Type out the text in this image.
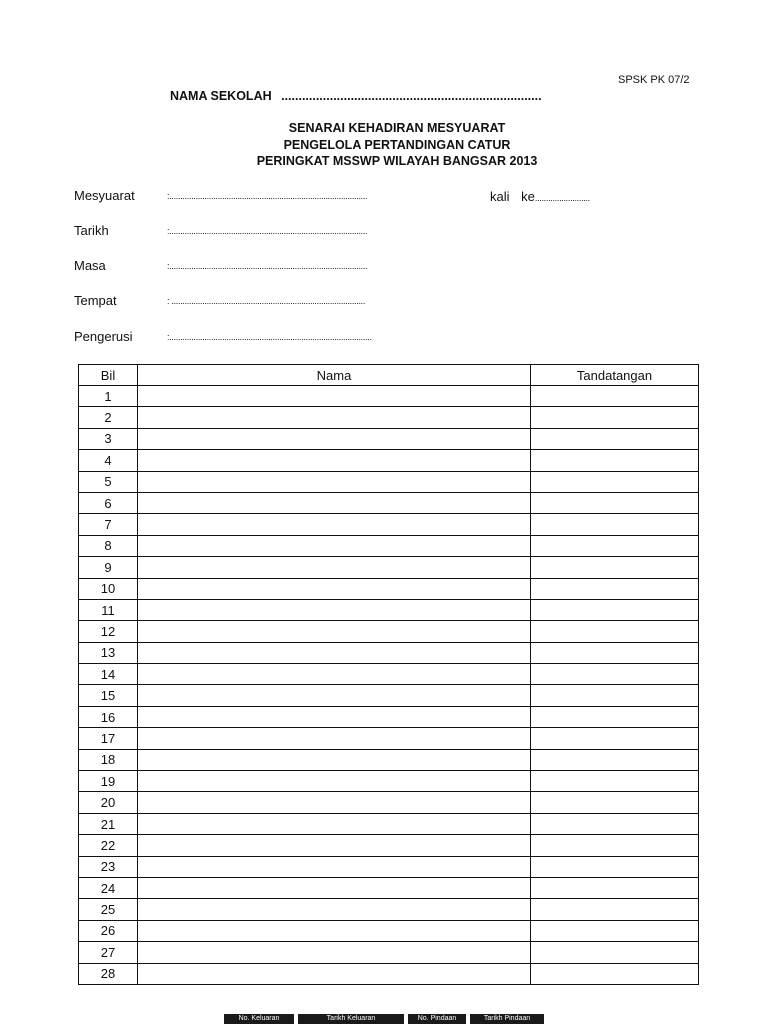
SPSK PK 07/2
NAMA SEKOLAH ...........................................................................
SENARAI KEHADIRAN MESYUARAT
PENGELOLA PERTANDINGAN CATUR
PERINGKAT MSSWP WILAYAH BANGSAR 2013
Mesyuarat	:..........................................................................................	kali ke.........................
Tarikh	:..........................................................................................
Masa	:..........................................................................................
Tempat	: ........................................................................................
Pengerusi	:............................................................................................
Bil	Nama	Tandatangan
1		
2		
3		
4		
5		
6		
7		
8		
9		
10		
11		
12		
13		
14		
15		
16		
17		
18		
19		
20		
21		
22		
23		
24		
25		
26		
27		
28		
No. Keluaran	Tarikh Keluaran	No. Pindaan	Tarikh Pindaan
